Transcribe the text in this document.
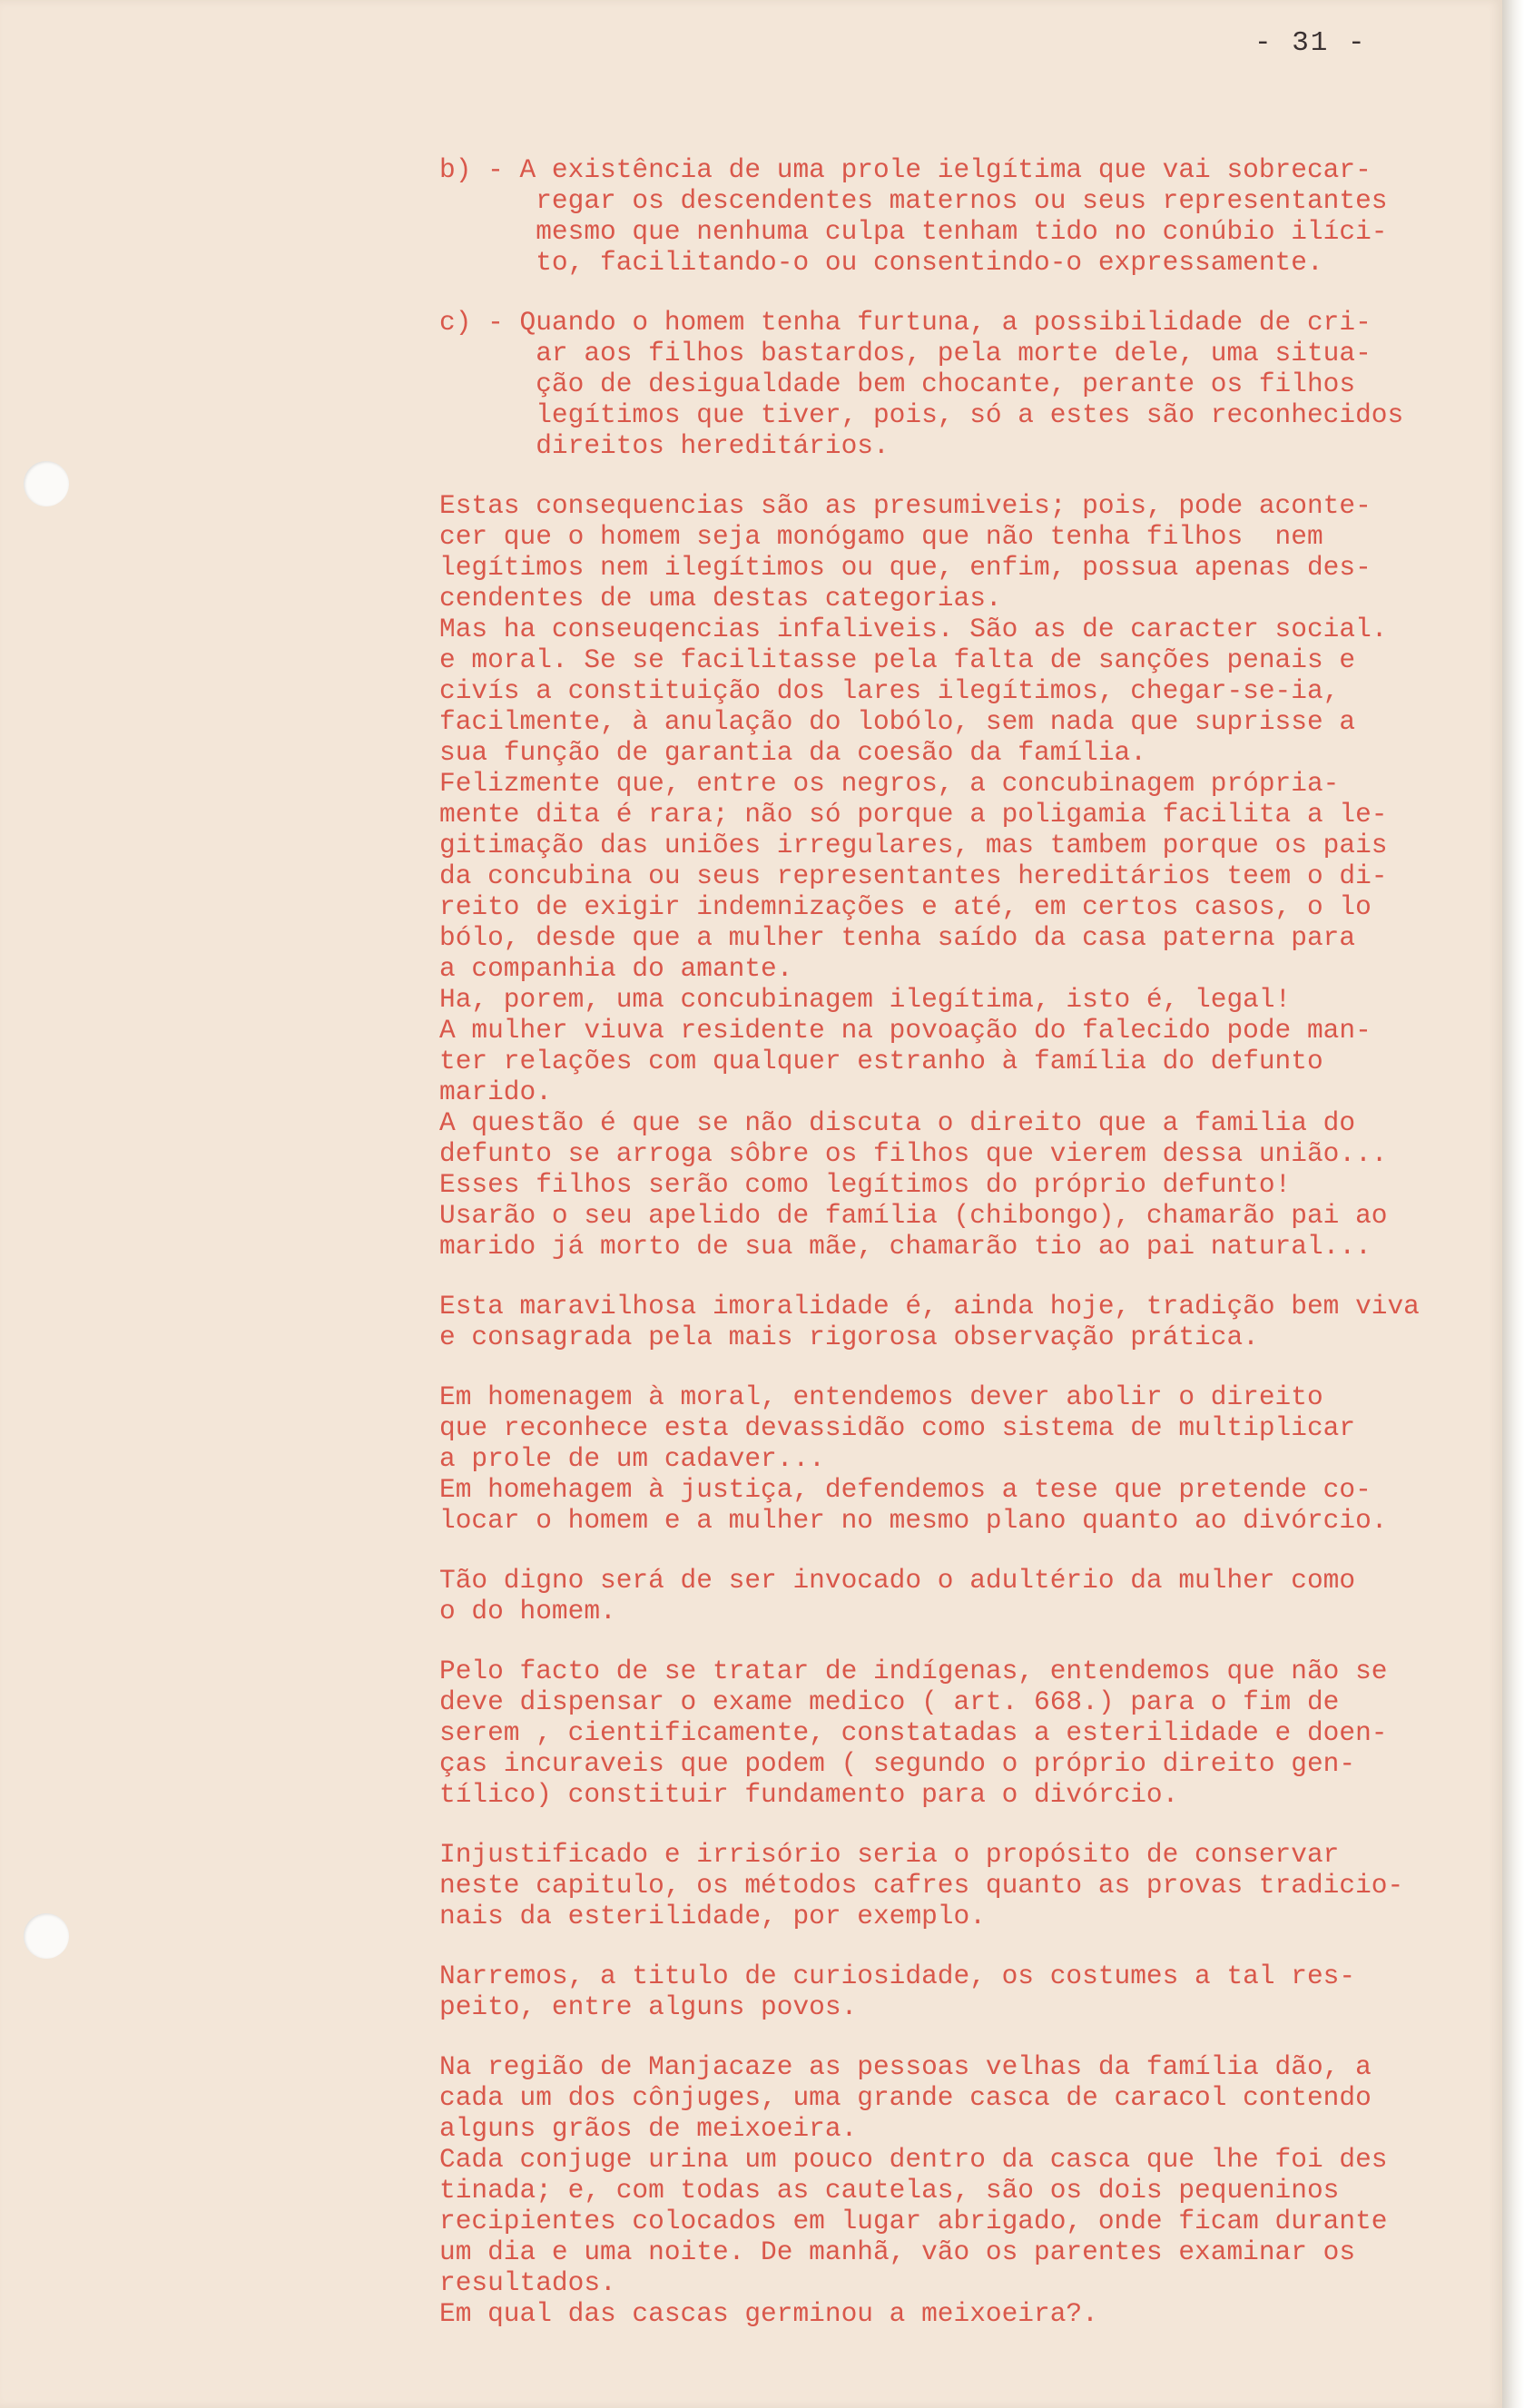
- 31 -
b) - A existência de uma prole ielgítima que vai sobrecar-
regar os descendentes maternos ou seus representantes
mesmo que nenhuma culpa tenham tido no conúbio ilíci-
to, facilitando-o ou consentindo-o expressamente.
c) - Quando o homem tenha furtuna, a possibilidade de cri-
ar aos filhos bastardos, pela morte dele, uma situa-
ção de desigualdade bem chocante, perante os filhos
legítimos que tiver, pois, só a estes são reconhecidos
direitos hereditários.
Estas consequencias são as presumiveis; pois, pode aconte-
cer que o homem seja monógamo que não tenha filhos  nem
legítimos nem ilegítimos ou que, enfim, possua apenas des-
cendentes de uma destas categorias.
Mas ha conseuqencias infaliveis. São as de caracter social.
e moral. Se se facilitasse pela falta de sanções penais e
civís a constituição dos lares ilegítimos, chegar-se-ia,
facilmente, à anulação do lobólo, sem nada que suprisse a
sua função de garantia da coesão da família.
Felizmente que, entre os negros, a concubinagem própria-
mente dita é rara; não só porque a poligamia facilita a le-
gitimação das uniões irregulares, mas tambem porque os pais
da concubina ou seus representantes hereditários teem o di-
reito de exigir indemnizações e até, em certos casos, o lo
bólo, desde que a mulher tenha saído da casa paterna para
a companhia do amante.
Ha, porem, uma concubinagem ilegítima, isto é, legal!
A mulher viuva residente na povoação do falecido pode man-
ter relações com qualquer estranho à família do defunto
marido.
A questão é que se não discuta o direito que a familia do
defunto se arroga sôbre os filhos que vierem dessa união...
Esses filhos serão como legítimos do próprio defunto!
Usarão o seu apelido de família (chibongo), chamarão pai ao
marido já morto de sua mãe, chamarão tio ao pai natural...
Esta maravilhosa imoralidade é, ainda hoje, tradição bem viva
e consagrada pela mais rigorosa observação prática.
Em homenagem à moral, entendemos dever abolir o direito
que reconhece esta devassidão como sistema de multiplicar
a prole de um cadaver...
Em homehagem à justiça, defendemos a tese que pretende co-
locar o homem e a mulher no mesmo plano quanto ao divórcio.
Tão digno será de ser invocado o adultério da mulher como
o do homem.
Pelo facto de se tratar de indígenas, entendemos que não se
deve dispensar o exame medico ( art. 668.) para o fim de
serem , cientificamente, constatadas a esterilidade e doen-
ças incuraveis que podem ( segundo o próprio direito gen-
tílico) constituir fundamento para o divórcio.
Injustificado e irrisório seria o propósito de conservar
neste capitulo, os métodos cafres quanto as provas tradicio-
nais da esterilidade, por exemplo.
Narremos, a titulo de curiosidade, os costumes a tal res-
peito, entre alguns povos.
Na região de Manjacaze as pessoas velhas da família dão, a
cada um dos cônjuges, uma grande casca de caracol contendo
alguns grãos de meixoeira.
Cada conjuge urina um pouco dentro da casca que lhe foi des
tinada; e, com todas as cautelas, são os dois pequeninos
recipientes colocados em lugar abrigado, onde ficam durante
um dia e uma noite. De manhã, vão os parentes examinar os
resultados.
Em qual das cascas germinou a meixoeira?.
